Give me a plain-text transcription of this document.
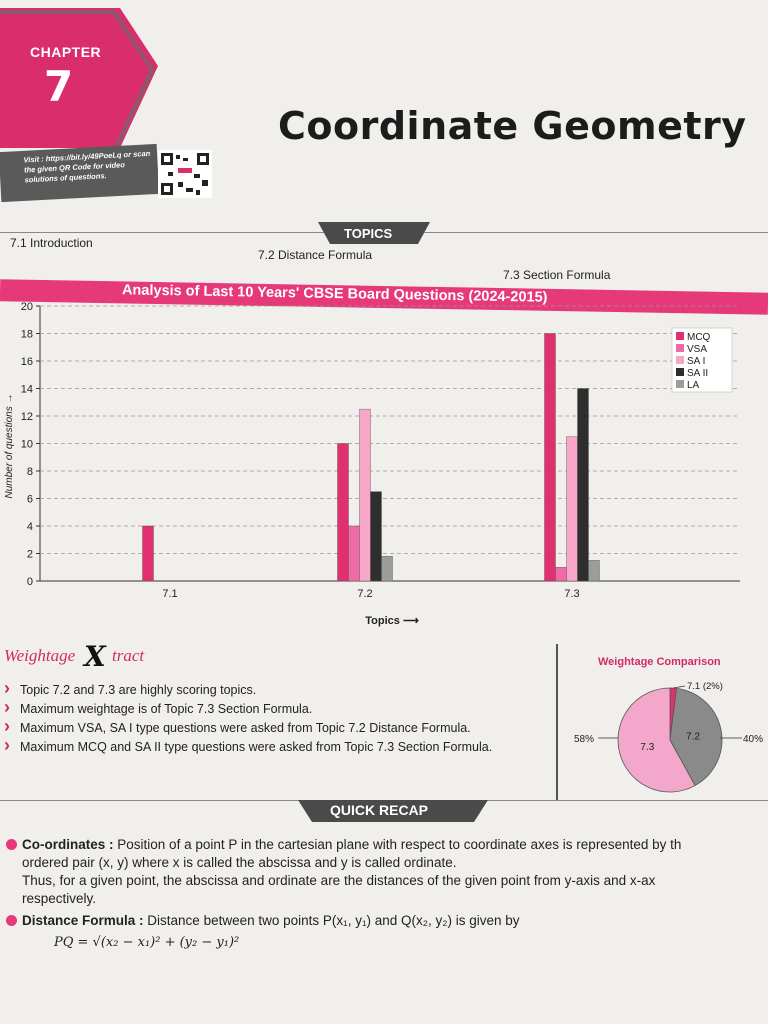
CHAPTER
7
Coordinate Geometry
Visit : https://bit.ly/49PoeLq or scan the given QR Code for video solutions of questions.
TOPICS
7.1 Introduction
7.2 Distance Formula
7.3 Section Formula
Analysis of Last 10 Years' CBSE Board Questions (2024-2015)
0
2
4
6
8
10
12
14
16
18
20
Number of questions →
7.1	7.2	7.3
Topics ⟶
MCQ
VSA
SA I
SA II
LA
Weightage X tract
› Topic 7.2 and 7.3 are highly scoring topics.
› Maximum weightage is of Topic 7.3 Section Formula.
› Maximum VSA, SA I type questions were asked from Topic 7.2 Distance Formula.
› Maximum MCQ and SA II type questions were asked from Topic 7.3 Section Formula.
Weightage Comparison
7.2
7.3
58%	40%
7.1 (2%)
QUICK RECAP
Co-ordinates : Position of a point P in the cartesian plane with respect to coordinate axes is represented by th
ordered pair (x, y) where x is called the abscissa and y is called ordinate.
Thus, for a given point, the abscissa and ordinate are the distances of the given point from y-axis and x-ax
respectively.
Distance Formula : Distance between two points P(x₁, y₁) and Q(x₂, y₂) is given by
PQ = √(x₂ − x₁)² + (y₂ − y₁)²
